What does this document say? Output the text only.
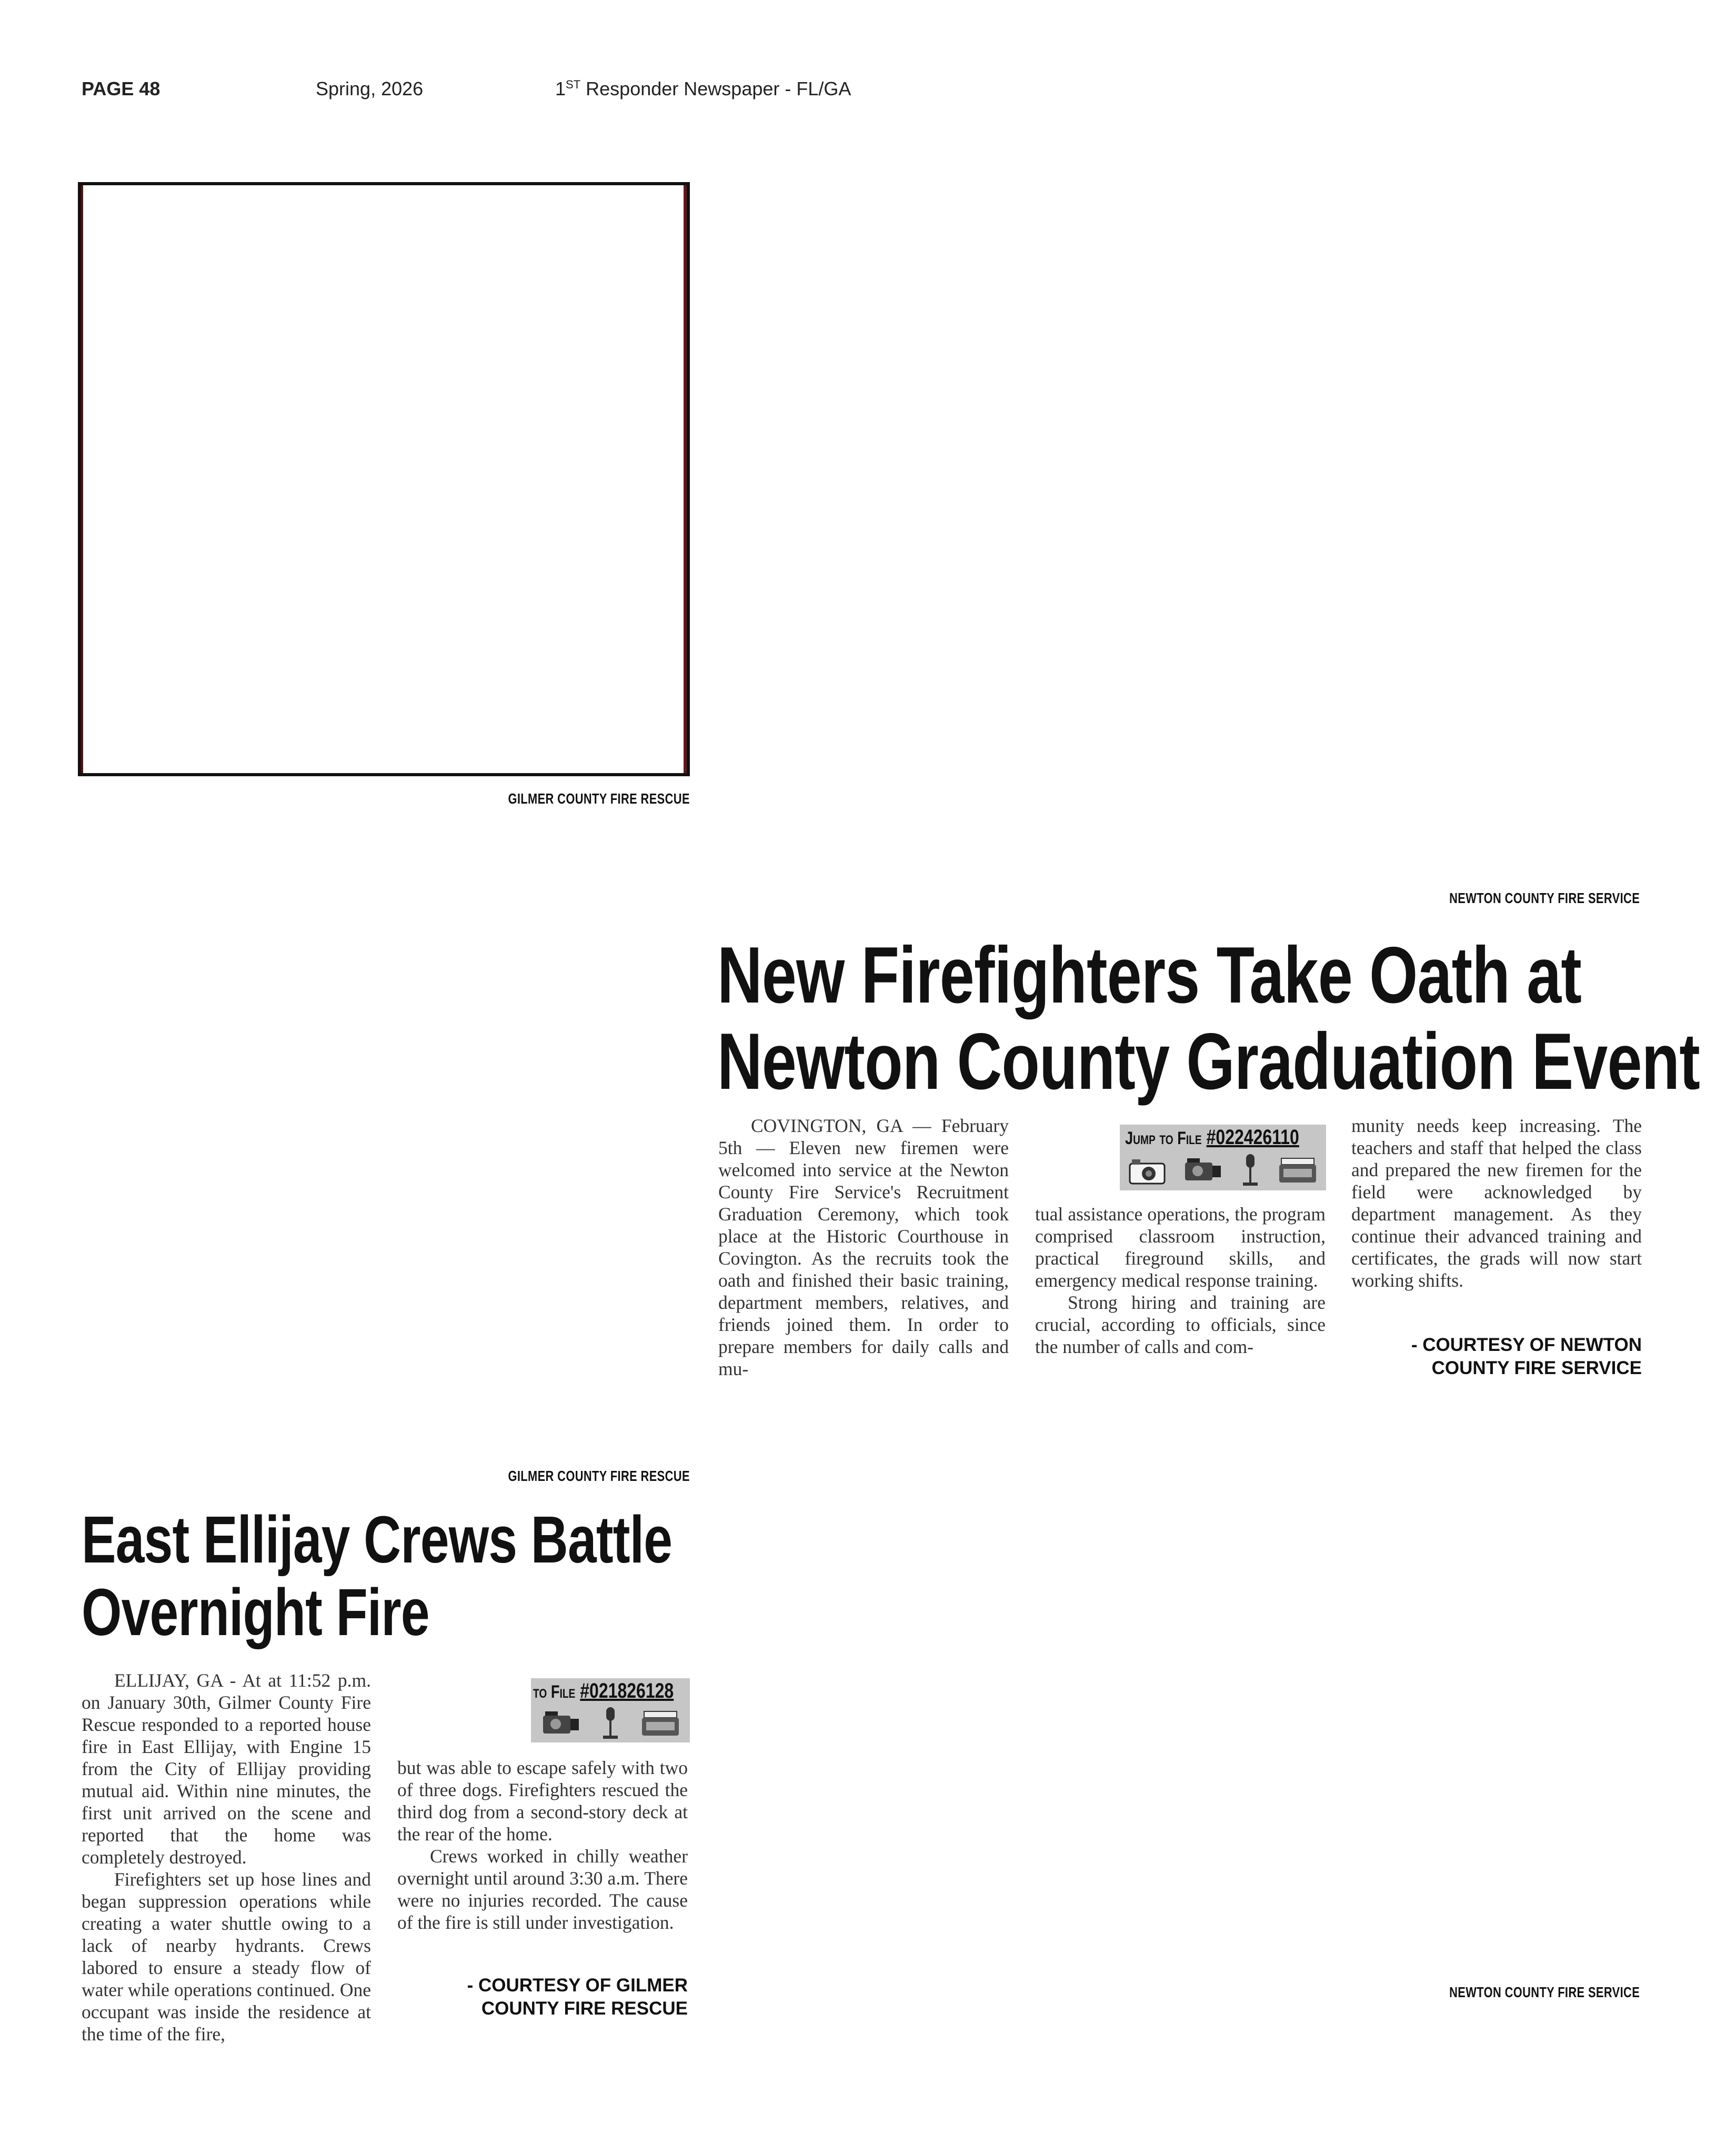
PAGE 48	Spring, 2026	1ST Responder Newspaper - FL/GA
GILMER COUNTY FIRE RESCUE
NEWTON COUNTY FIRE SERVICE
New Firefighters Take Oath at
Newton County Graduation Event

COVINGTON, GA — February 5th — Eleven new firemen were welcomed into service at the Newton County Fire Service's Recruitment Graduation Ceremony, which took place at the Historic Courthouse in Covington. As the recruits took the oath and finished their basic training, department members, relatives, and friends joined them. In order to prepare members for daily calls and mu-

Jump to File #022426110

tual assistance operations, the program comprised classroom instruction, practical fireground skills, and emergency medical response training.

Strong hiring and training are crucial, according to officials, since the number of calls and com-

munity needs keep increasing. The teachers and staff that helped the class and prepared the new firemen for the field were acknowledged by department management. As they continue their advanced training and certificates, the grads will now start working shifts.

- COURTESY OF NEWTON
COUNTY FIRE SERVICE
GILMER COUNTY FIRE RESCUE
East Ellijay Crews Battle
Overnight Fire

ELLIJAY, GA - At at 11:52 p.m. on January 30th, Gilmer County Fire Rescue responded to a reported house fire in East Ellijay, with Engine 15 from the City of Ellijay providing mutual aid. Within nine minutes, the first unit arrived on the scene and reported that the home was completely destroyed.

Firefighters set up hose lines and began suppression operations while creating a water shuttle owing to a lack of nearby hydrants. Crews labored to ensure a steady flow of water while operations continued. One occupant was inside the residence at the time of the fire,

to File #021826128

but was able to escape safely with two of three dogs. Firefighters rescued the third dog from a second-story deck at the rear of the home.

Crews worked in chilly weather overnight until around 3:30 a.m. There were no injuries recorded. The cause of the fire is still under investigation.

- COURTESY OF GILMER
COUNTY FIRE RESCUE
NEWTON COUNTY FIRE SERVICE
